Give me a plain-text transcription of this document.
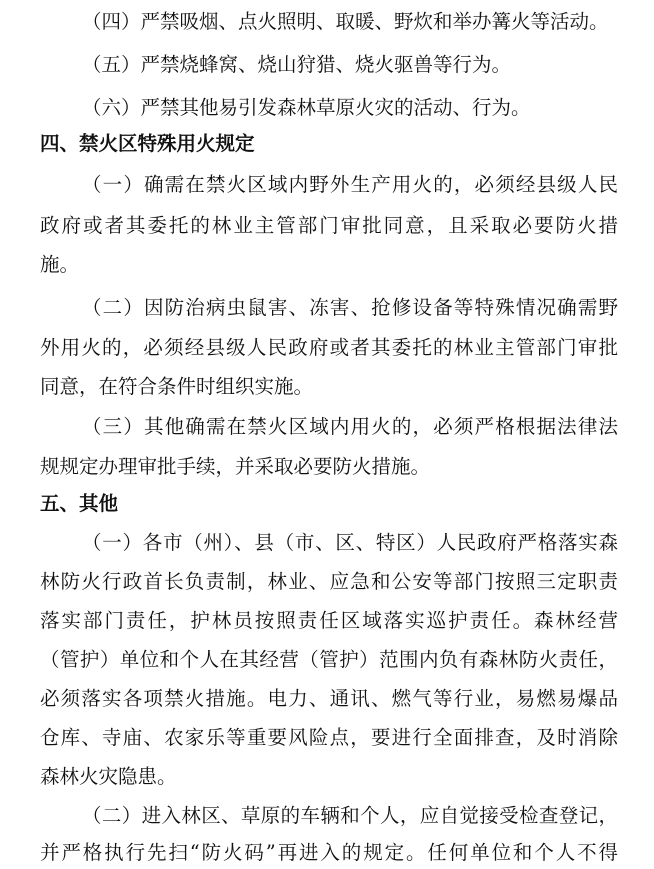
（四）严禁吸烟、点火照明、取暖、野炊和举办篝火等活动。
（五）严禁烧蜂窝、烧山狩猎、烧火驱兽等行为。
（六）严禁其他易引发森林草原火灾的活动、行为。
四、禁火区特殊用火规定
（一）确需在禁火区域内野外生产用火的，必须经县级人民
政府或者其委托的林业主管部门审批同意，且采取必要防火措
施。
（二）因防治病虫鼠害、冻害、抢修设备等特殊情况确需野
外用火的，必须经县级人民政府或者其委托的林业主管部门审批
同意，在符合条件时组织实施。
（三）其他确需在禁火区域内用火的，必须严格根据法律法
规规定办理审批手续，并采取必要防火措施。
五、其他
（一）各市（州）、县（市、区、特区）人民政府严格落实森
林防火行政首长负责制，林业、应急和公安等部门按照三定职责
落实部门责任，护林员按照责任区域落实巡护责任。森林经营
（管护）单位和个人在其经营（管护）范围内负有森林防火责任，
必须落实各项禁火措施。电力、通讯、燃气等行业，易燃易爆品
仓库、寺庙、农家乐等重要风险点，要进行全面排查，及时消除
森林火灾隐患。
（二）进入林区、草原的车辆和个人，应自觉接受检查登记，
并严格执行先扫“防火码”再进入的规定。任何单位和个人不得
